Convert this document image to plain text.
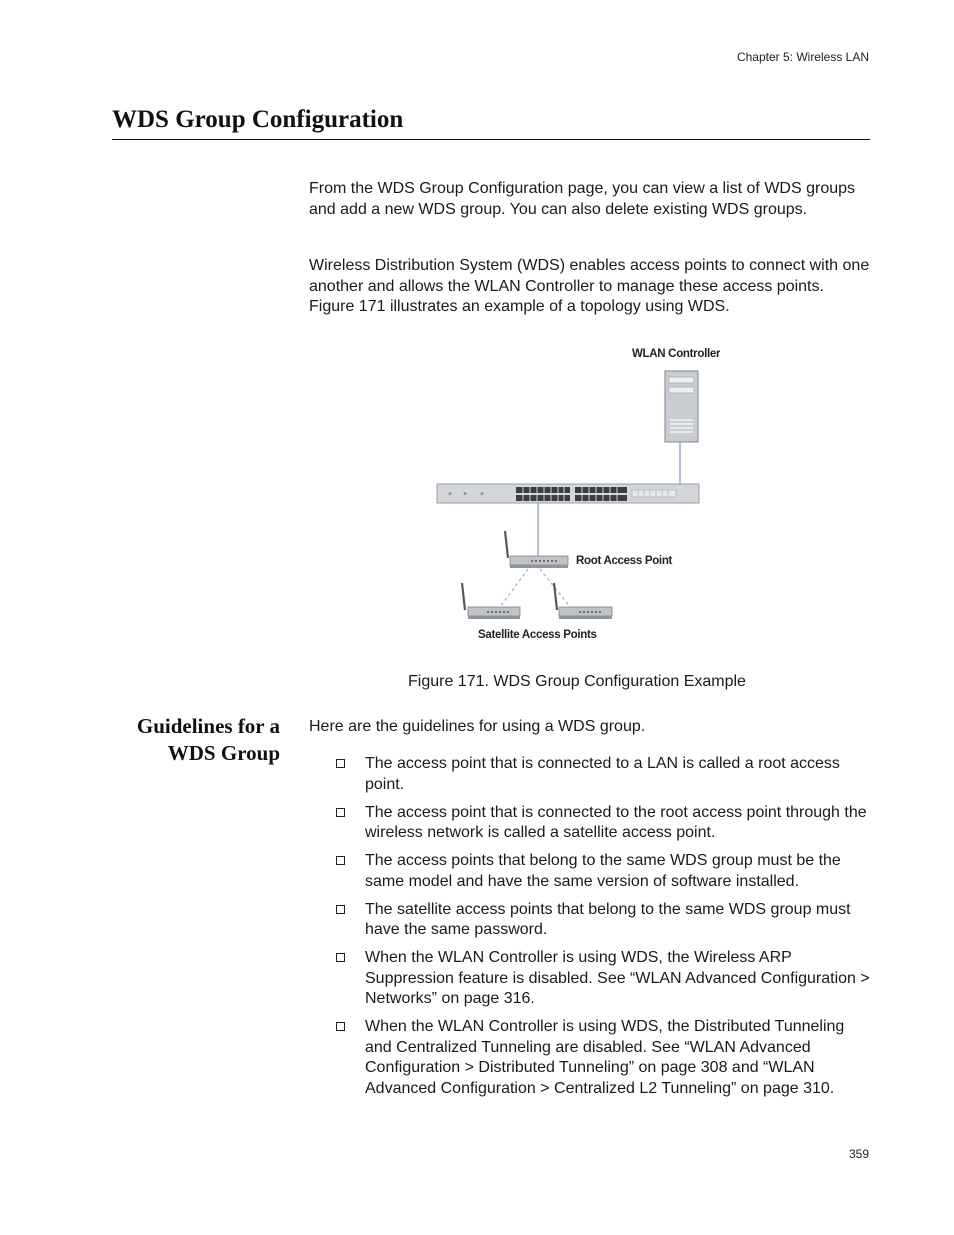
Chapter 5: Wireless LAN
WDS Group Configuration

From the WDS Group Configuration page, you can view a list of WDS groups and add a new WDS group. You can also delete existing WDS groups.

Wireless Distribution System (WDS) enables access points to connect with one another and allows the WLAN Controller to manage these access points. Figure 171 illustrates an example of a topology using WDS.

WLAN Controller
Root Access Point
Satellite Access Points

Figure 171. WDS Group Configuration Example

Guidelines for a
WDS Group

Here are the guidelines for using a WDS group.

The access point that is connected to a LAN is called a root access point.
The access point that is connected to the root access point through the wireless network is called a satellite access point.
The access points that belong to the same WDS group must be the same model and have the same version of software installed.
The satellite access points that belong to the same WDS group must have the same password.
When the WLAN Controller is using WDS, the Wireless ARP Suppression feature is disabled. See “WLAN Advanced Configuration > Networks” on page 316.
When the WLAN Controller is using WDS, the Distributed Tunneling and Centralized Tunneling are disabled. See “WLAN Advanced Configuration > Distributed Tunneling” on page 308 and “WLAN Advanced Configuration > Centralized L2 Tunneling” on page 310.
359
